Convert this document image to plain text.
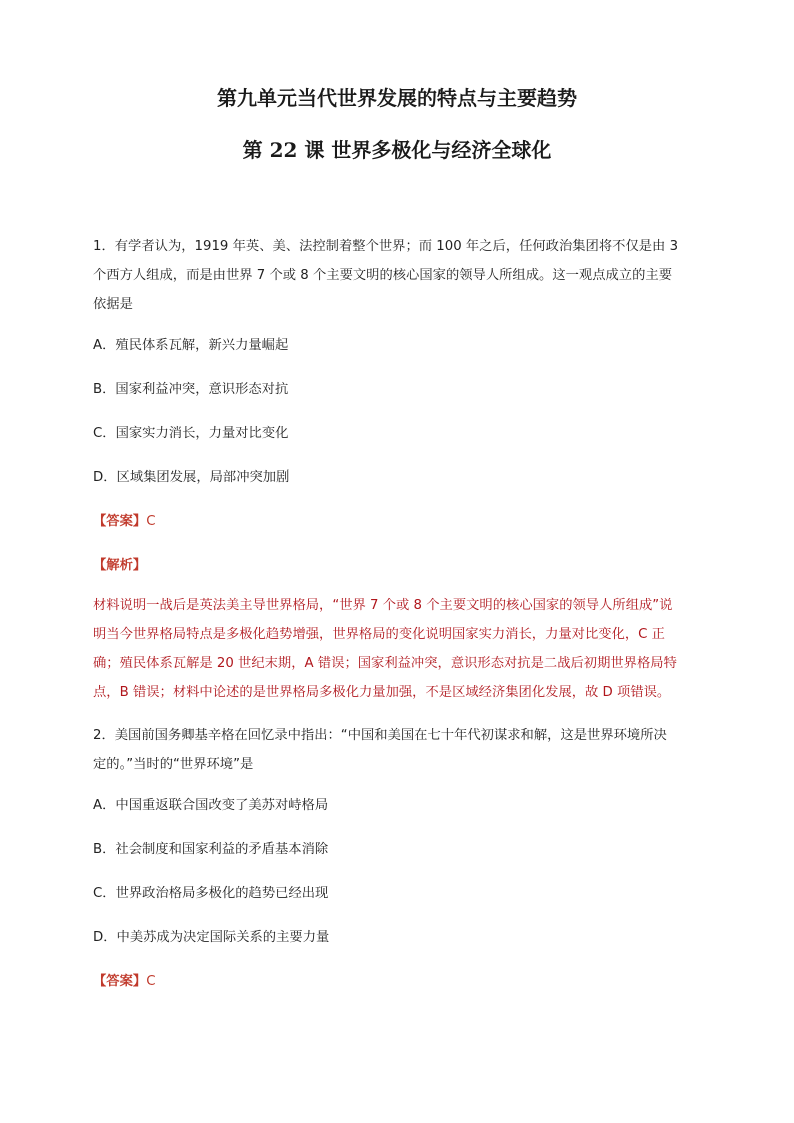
第九单元当代世界发展的特点与主要趋势
第 22 课 世界多极化与经济全球化
1．有学者认为，1919 年英、美、法控制着整个世界；而 100 年之后，任何政治集团将不仅是由 3
个西方人组成，而是由世界 7 个或 8 个主要文明的核心国家的领导人所组成。这一观点成立的主要
依据是
A．殖民体系瓦解，新兴力量崛起
B．国家利益冲突，意识形态对抗
C．国家实力消长，力量对比变化
D．区域集团发展，局部冲突加剧
【答案】C
【解析】
材料说明一战后是英法美主导世界格局，“世界 7 个或 8 个主要文明的核心国家的领导人所组成”说
明当今世界格局特点是多极化趋势增强，世界格局的变化说明国家实力消长，力量对比变化，C 正
确；殖民体系瓦解是 20 世纪末期，A 错误；国家利益冲突，意识形态对抗是二战后初期世界格局特
点，B 错误；材料中论述的是世界格局多极化力量加强，不是区域经济集团化发展，故 D 项错误。
2．美国前国务卿基辛格在回忆录中指出：“中国和美国在七十年代初谋求和解，这是世界环境所决
定的。”当时的“世界环境”是
A．中国重返联合国改变了美苏对峙格局
B．社会制度和国家利益的矛盾基本消除
C．世界政治格局多极化的趋势已经出现
D．中美苏成为决定国际关系的主要力量
【答案】C
